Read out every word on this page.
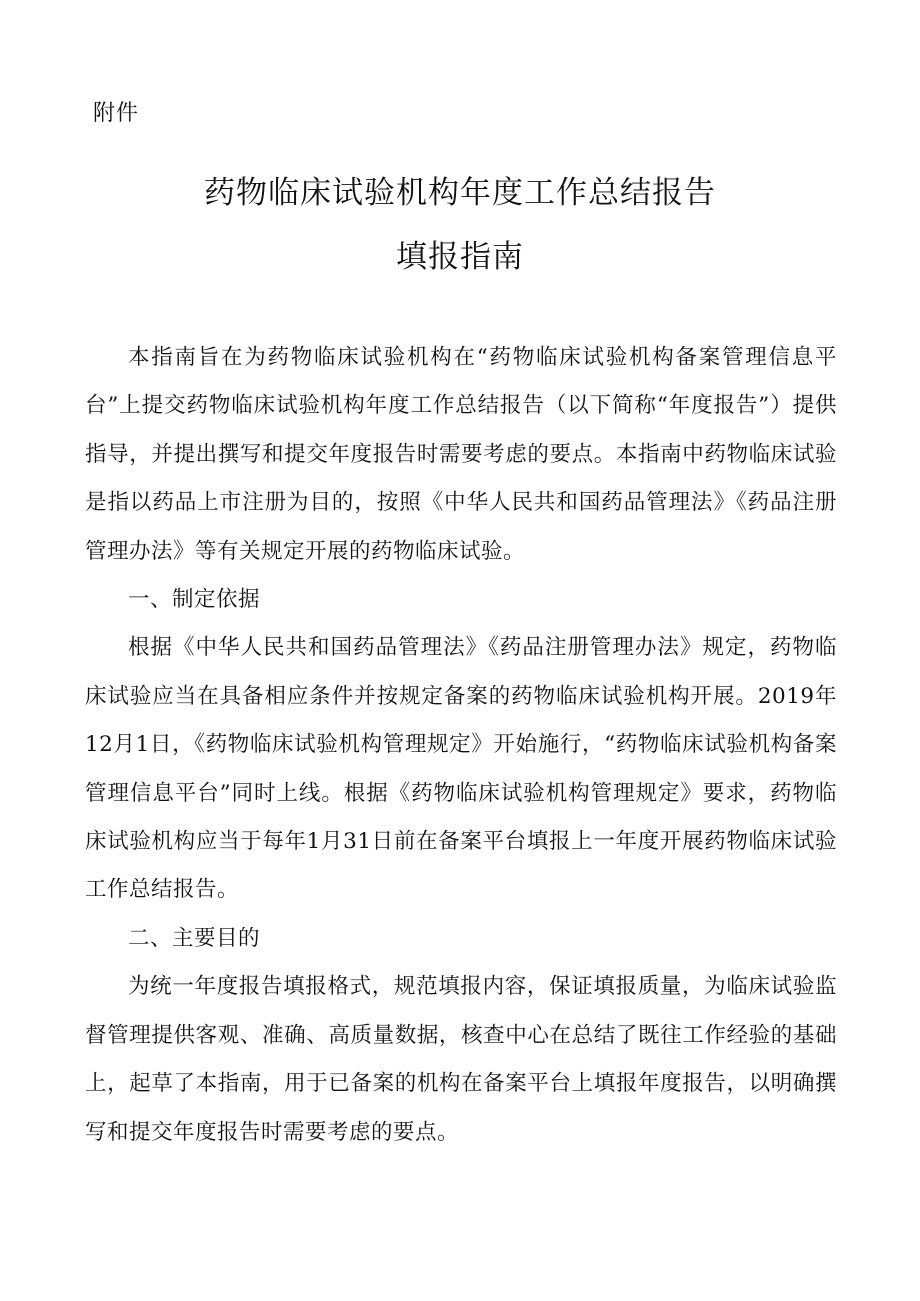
附件
药物临床试验机构年度工作总结报告
填报指南

本指南旨在为药物临床试验机构在“药物临床试验机构备案管理信息平台”上提交药物临床试验机构年度工作总结报告（以下简称“年度报告”）提供指导，并提出撰写和提交年度报告时需要考虑的要点。本指南中药物临床试验是指以药品上市注册为目的，按照《中华人民共和国药品管理法》《药品注册管理办法》等有关规定开展的药物临床试验。

一、制定依据

根据《中华人民共和国药品管理法》《药品注册管理办法》规定，药物临床试验应当在具备相应条件并按规定备案的药物临床试验机构开展。2019年12月1日，《药物临床试验机构管理规定》开始施行，“药物临床试验机构备案管理信息平台”同时上线。根据《药物临床试验机构管理规定》要求，药物临床试验机构应当于每年1月31日前在备案平台填报上一年度开展药物临床试验工作总结报告。

二、主要目的

为统一年度报告填报格式，规范填报内容，保证填报质量，为临床试验监督管理提供客观、准确、高质量数据，核查中心在总结了既往工作经验的基础上，起草了本指南，用于已备案的机构在备案平台上填报年度报告，以明确撰写和提交年度报告时需要考虑的要点。
